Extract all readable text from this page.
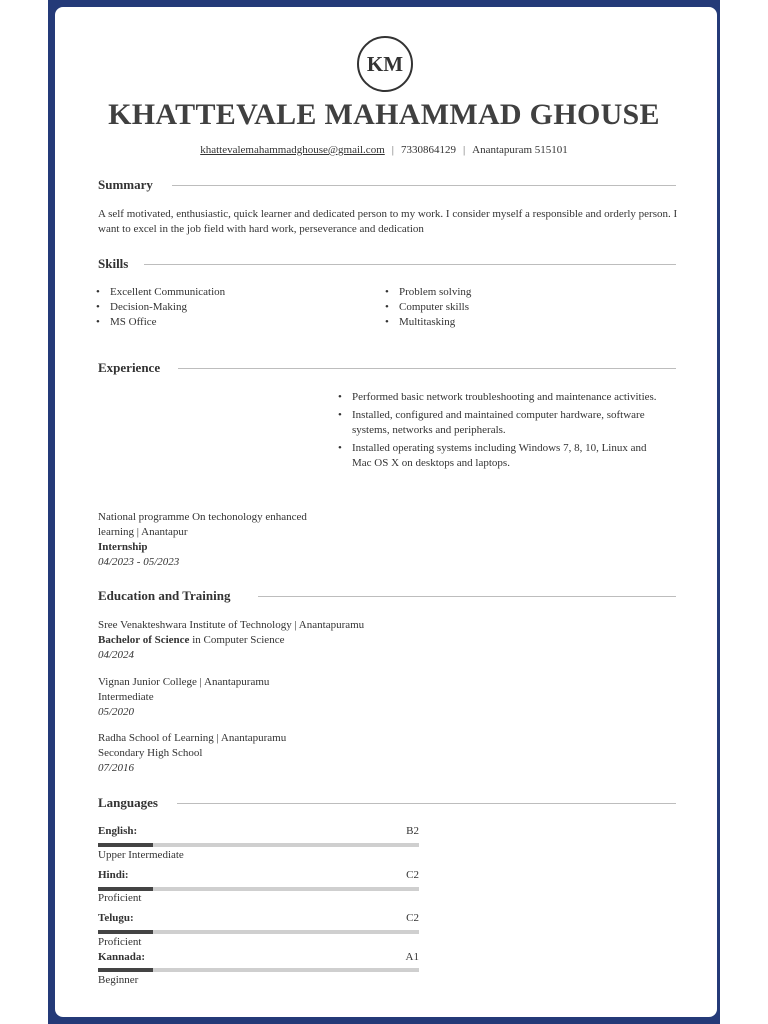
KM
KHATTEVALE MAHAMMAD GHOUSE
khattevalemahammadghouse@gmail.com | 7330864129 | Anantapuram 515101
Summary
A self motivated, enthusiastic, quick learner and dedicated person to my work. I consider myself a responsible and orderly person. I want to excel in the job field with hard work, perseverance and dedication
Skills
• Excellent Communication
• Decision-Making
• MS Office
• Problem solving
• Computer skills
• Multitasking
Experience
• Performed basic network troubleshooting and maintenance activities.
• Installed, configured and maintained computer hardware, software systems, networks and peripherals.
• Installed operating systems including Windows 7, 8, 10, Linux and Mac OS X on desktops and laptops.
National programme On techonology enhanced
learning | Anantapur
Internship
04/2023 - 05/2023
Education and Training
Sree Venakteshwara Institute of Technology | Anantapuramu
Bachelor of Science in Computer Science
04/2024
Vignan Junior College | Anantapuramu
Intermediate
05/2020
Radha School of Learning | Anantapuramu
Secondary High School
07/2016
Languages
English:	B2
Upper Intermediate
Hindi:	C2
Proficient
Telugu:	C2
Proficient
Kannada:	A1
Beginner
